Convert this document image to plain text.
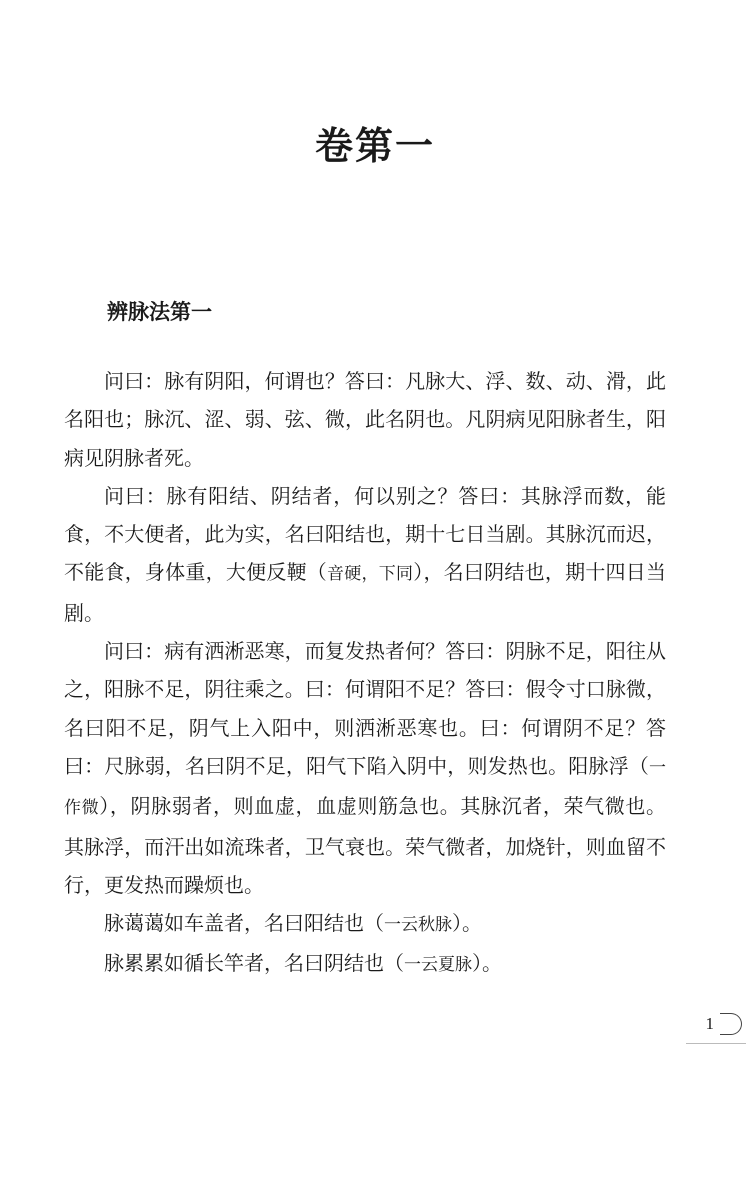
卷第一
辨脉法第一

问曰：脉有阴阳，何谓也？答曰：凡脉大、浮、数、动、滑，此名阳也；脉沉、涩、弱、弦、微，此名阴也。凡阴病见阳脉者生，阳病见阴脉者死。

问曰：脉有阳结、阴结者，何以别之？答曰：其脉浮而数，能食，不大便者，此为实，名曰阳结也，期十七日当剧。其脉沉而迟，不能食，身体重，大便反鞕（音硬，下同），名曰阴结也，期十四日当剧。

问曰：病有洒淅恶寒，而复发热者何？答曰：阴脉不足，阳往从之，阳脉不足，阴往乘之。曰：何谓阳不足？答曰：假令寸口脉微，名曰阳不足，阴气上入阳中，则洒淅恶寒也。曰：何谓阴不足？答曰：尺脉弱，名曰阴不足，阳气下陷入阴中，则发热也。阳脉浮（一作微），阴脉弱者，则血虚，血虚则筋急也。其脉沉者，荣气微也。其脉浮，而汗出如流珠者，卫气衰也。荣气微者，加烧针，则血留不行，更发热而躁烦也。

脉蔼蔼如车盖者，名曰阳结也（一云秋脉）。

脉累累如循长竿者，名曰阴结也（一云夏脉）。

1
